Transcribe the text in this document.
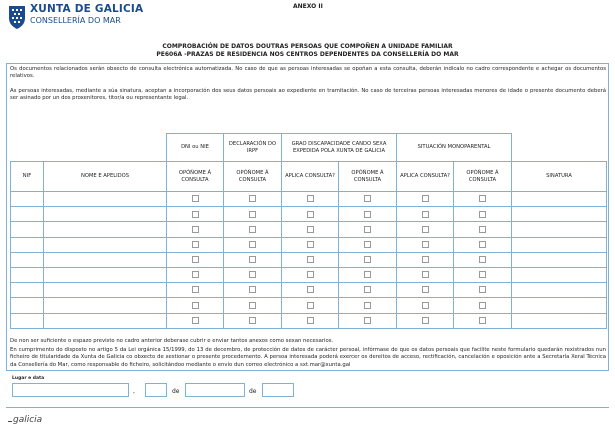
XUNTA DE GALICIA
CONSELLERÍA DO MAR
ANEXO II
COMPROBACIÓN DE DATOS DOUTRAS PERSOAS QUE COMPOÑEN A UNIDADE FAMILIAR
PE606A -PRAZAS DE RESIDENCIA NOS CENTROS DEPENDENTES DA CONSELLERÍA DO MAR
Os documentos relacionados serán obxecto de consulta electrónica automatizada. No caso de que as persoas interesadas se opoñan a esta consulta, deberán indicalo no cadro correspondente e achegar os documentos relativos.
As persoas interesadas, mediante a súa sinatura, aceptan a incorporación dos seus datos persoais ao expediente en tramitación. No caso de terceiras persoas interesadas menores de idade o presente documento deberá ser asinado por un dos proxenitores, titor/a ou representante legal.
		DNI ou NIE	DECLARACIÓN DO IRPF	GRAO DISCAPACIDADE CANDO SEXA EXPEDIDA POLA XUNTA DE GALICIA		SITUACIÓN MONOPARENTAL		
NIF	NOME E APELIDOS	OPÓÑOME Á CONSULTA	OPÓÑOME Á CONSULTA	APLICA CONSULTA?	OPÓÑOME Á CONSULTA	APLICA CONSULTA?	OPÓÑOME Á CONSULTA	SINATURA

De non ser suficiente o espazo previsto no cadro anterior deberase cubrir e enviar tantos anexos como sexan necesarios.
En cumprimento do disposto no artigo 5 da Lei orgánica 15/1999, do 13 de decembro, de protección de datos de carácter persoal, infórmase de que os datos persoais que facilite neste formulario quedarán rexistrados nun ficheiro de titularidade da Xunta de Galicia co obxecto de xestionar o presente procedemento. A persoa interesada poderá exercer os dereitos de acceso, rectificación, cancelación e oposición ante a Secretaría Xeral Técnica da Consellería do Mar, como responsable do ficheiro, solicitándoo mediante o envío dun correo electrónico a sxt.mar@xunta.gal
Lugar e data
,	de	de
galicia
